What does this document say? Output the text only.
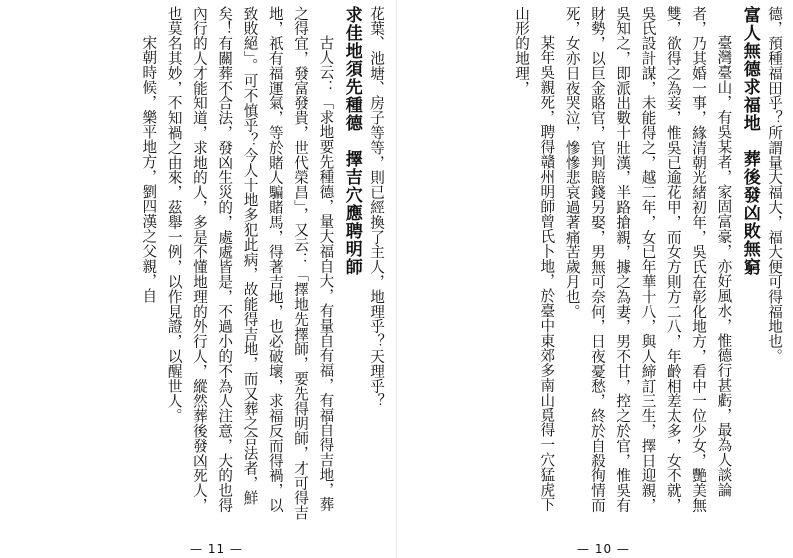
德，預種福田乎？所謂量大福大，福大便可得福地也。

富人無德求福地　葬後發凶敗無窮

臺灣臺山，有吳某者，家固富豪，亦好風水，惟德行甚虧，最為人談論者，乃其婚一事，緣清朝光緒初年，吳氏在彰化地方，看中一位少女，艷美無雙，欲得之為妾，惟吳已逾花甲，而女方則方二八，年齡相差太多，女不就，吳氏設計謀，未能得之，越二年，女已年華十八，與人締訂三生，擇日迎親，吳知之，即派出數十壯漢，半路搶親，據之為妻，男不甘，控之於官，惟吳有財勢，以巨金賂官，官判賠錢另娶，男無可奈何，日夜憂愁，終於自殺徇情而死，女亦日夜哭泣，慘慘悲哀過著痛苦歲月也。

某年吳親死，聘得贛州明師曾氏卜地，於臺中東郊多南山覓得一穴猛虎下山形的地理，

— 10 —

花葉、池塘、房子等等，則已經換了主人，地理乎？天理乎？

求佳地須先種德　擇吉穴應聘明師

古人云：「求地要先種德，量大福自大，有量自有福，有福自得吉地，葬之得宜，發富發貴，世代榮昌」，又云：「擇地先擇師，要先得明師，才可得吉地，祇有福運氣，等於賭人騙賭馬，得著吉地，也必破壞，求福反而得禍，以致敗絕」。可不慎乎？今人十地多犯此病，故能得吉地，而又葬之合法者，鮮矣！有關葬不合法，發凶生災的，處處皆是，不過小的不為人注意，大的也得內行的人才能知道，求地的人，多是不懂地理的外行人，縱然葬後發凶死人，也莫名其妙，不知禍之由來，茲舉一例，以作見證，以醒世人。

宋朝時候，樂平地方，劉四漢之父親，自

— 11 —
